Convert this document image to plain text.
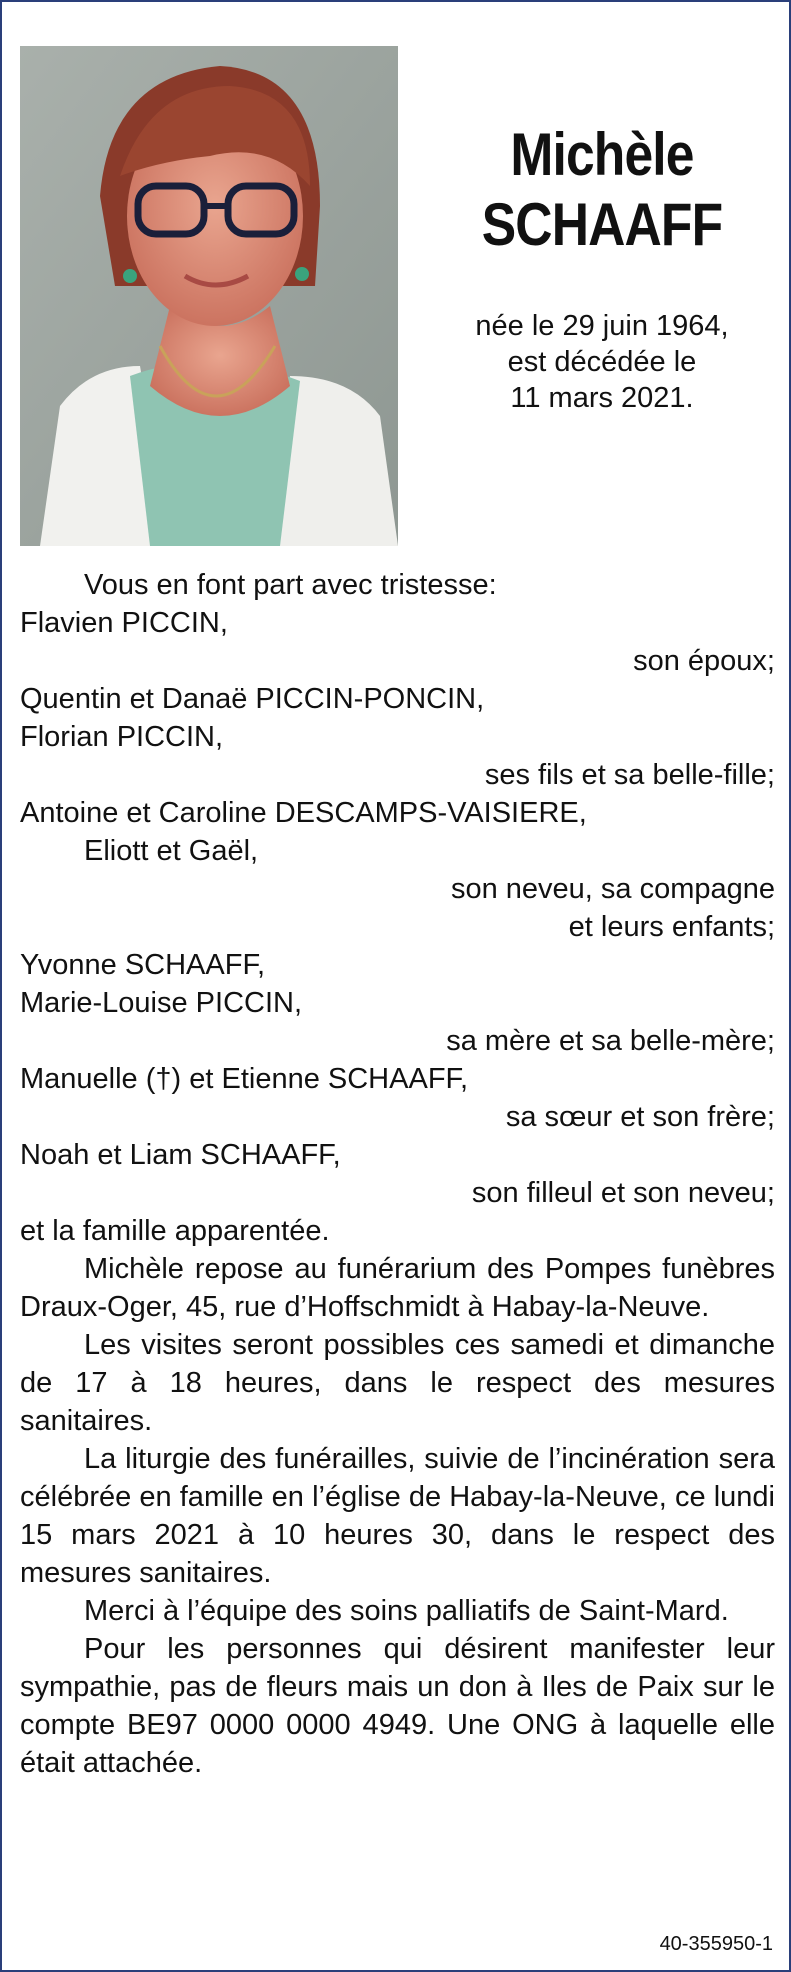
Michèle
SCHAAFF
née le 29 juin 1964,
est décédée le
11 mars 2021.
Vous en font part avec tristesse:
Flavien PICCIN,
son époux;
Quentin et Danaë PICCIN-PONCIN,
Florian PICCIN,
ses fils et sa belle-fille;
Antoine et Caroline DESCAMPS-VAISIERE,
Eliott et Gaël,
son neveu, sa compagne
et leurs enfants;
Yvonne SCHAAFF,
Marie-Louise PICCIN,
sa mère et sa belle-mère;
Manuelle (†) et Etienne SCHAAFF,
sa sœur et son frère;
Noah et Liam SCHAAFF,
son filleul et son neveu;
et la famille apparentée.
Michèle repose au funérarium des Pompes funèbres Draux-Oger, 45, rue d’Hoffschmidt à Habay-la-Neuve.
Les visites seront possibles ces samedi et dimanche de 17 à 18 heures, dans le respect des mesures sanitaires.
La liturgie des funérailles, suivie de l’incinération sera célébrée en famille en l’église de Habay-la-Neuve, ce lundi 15 mars 2021 à 10 heures 30, dans le respect des mesures sanitaires.
Merci à l’équipe des soins palliatifs de Saint-Mard.
Pour les personnes qui désirent manifester leur sympathie, pas de fleurs mais un don à Iles de Paix sur le compte BE97 0000 0000 4949. Une ONG à laquelle elle était attachée.
40-355950-1
